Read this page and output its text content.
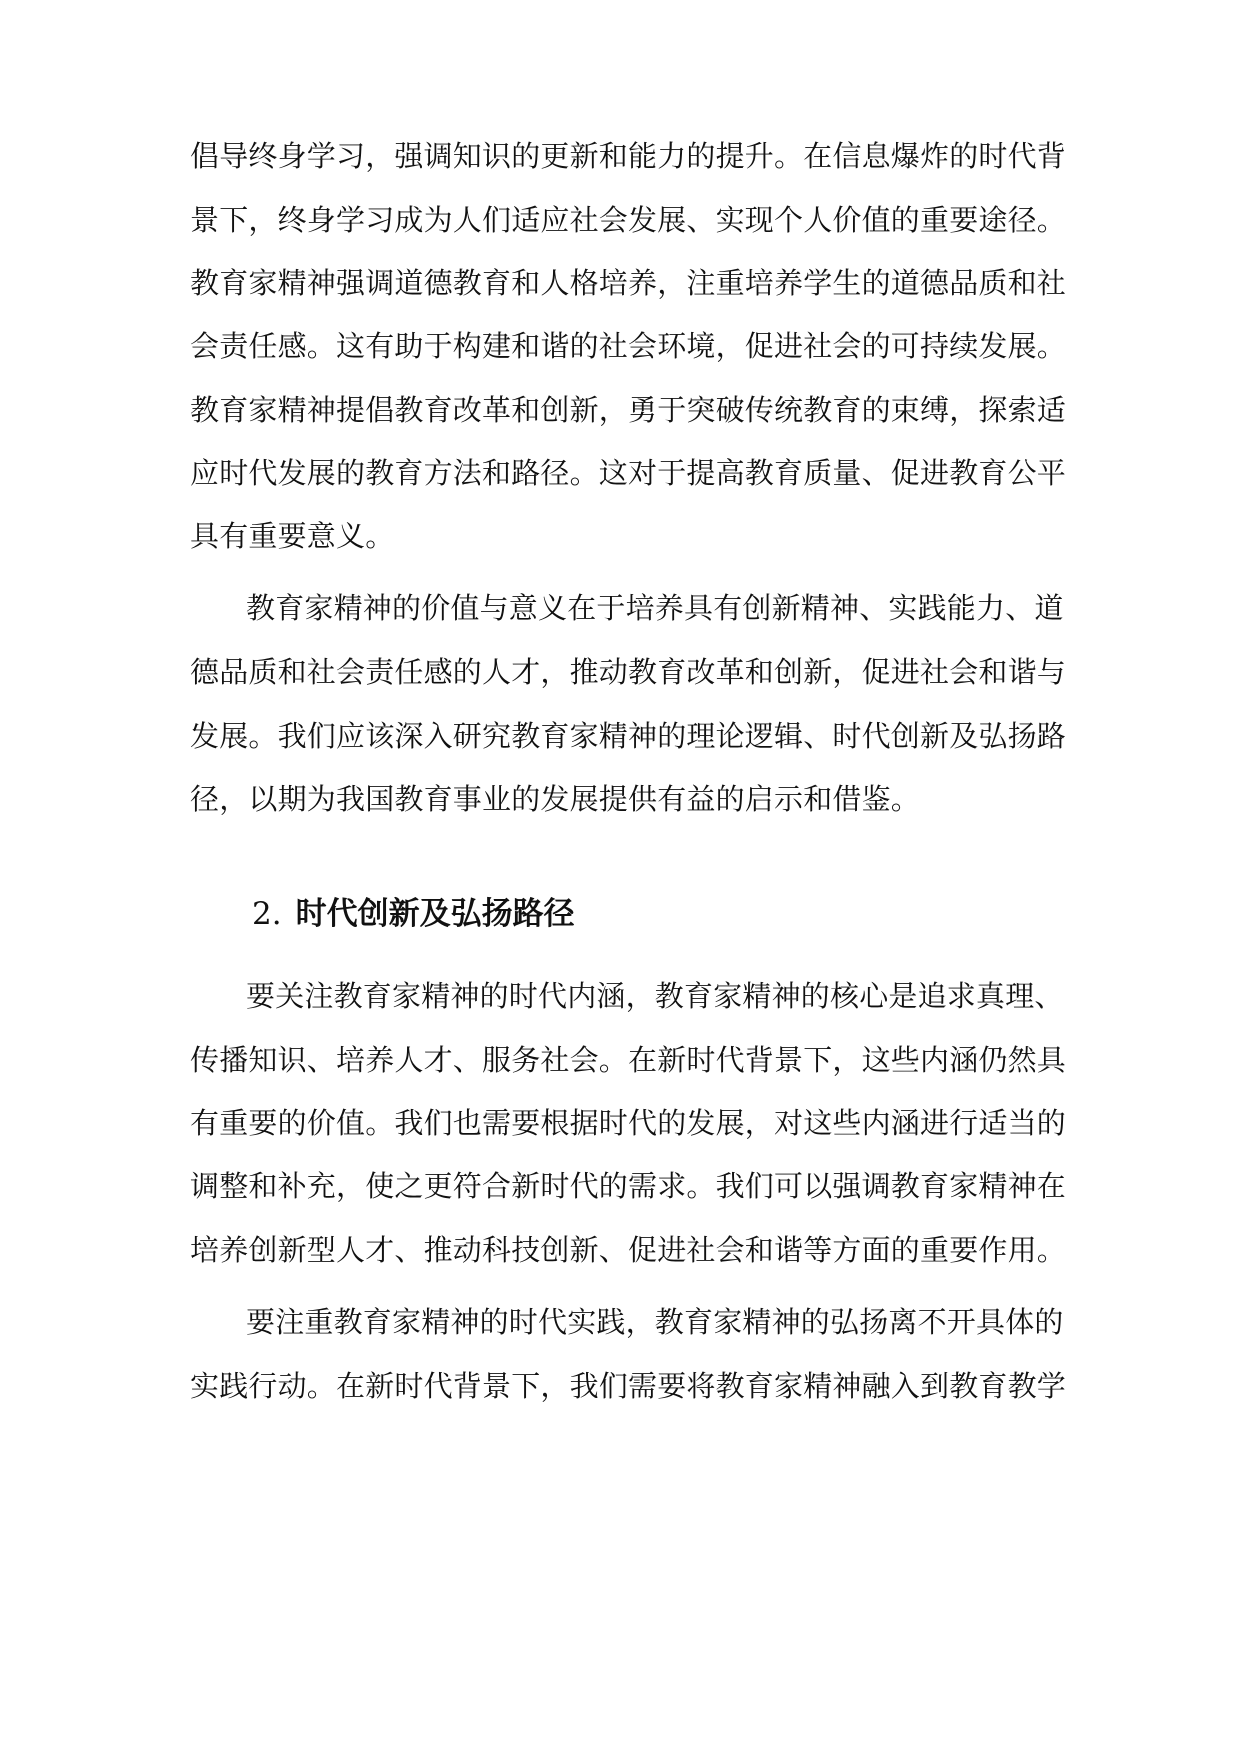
倡导终身学习，强调知识的更新和能力的提升。在信息爆炸的时代背
景下，终身学习成为人们适应社会发展、实现个人价值的重要途径。
教育家精神强调道德教育和人格培养，注重培养学生的道德品质和社
会责任感。这有助于构建和谐的社会环境，促进社会的可持续发展。
教育家精神提倡教育改革和创新，勇于突破传统教育的束缚，探索适
应时代发展的教育方法和路径。这对于提高教育质量、促进教育公平
具有重要意义。
教育家精神的价值与意义在于培养具有创新精神、实践能力、道
德品质和社会责任感的人才，推动教育改革和创新，促进社会和谐与
发展。我们应该深入研究教育家精神的理论逻辑、时代创新及弘扬路
径，以期为我国教育事业的发展提供有益的启示和借鉴。
2. 时代创新及弘扬路径
要关注教育家精神的时代内涵，教育家精神的核心是追求真理、
传播知识、培养人才、服务社会。在新时代背景下，这些内涵仍然具
有重要的价值。我们也需要根据时代的发展，对这些内涵进行适当的
调整和补充，使之更符合新时代的需求。我们可以强调教育家精神在
培养创新型人才、推动科技创新、促进社会和谐等方面的重要作用。
要注重教育家精神的时代实践，教育家精神的弘扬离不开具体的
实践行动。在新时代背景下，我们需要将教育家精神融入到教育教学
